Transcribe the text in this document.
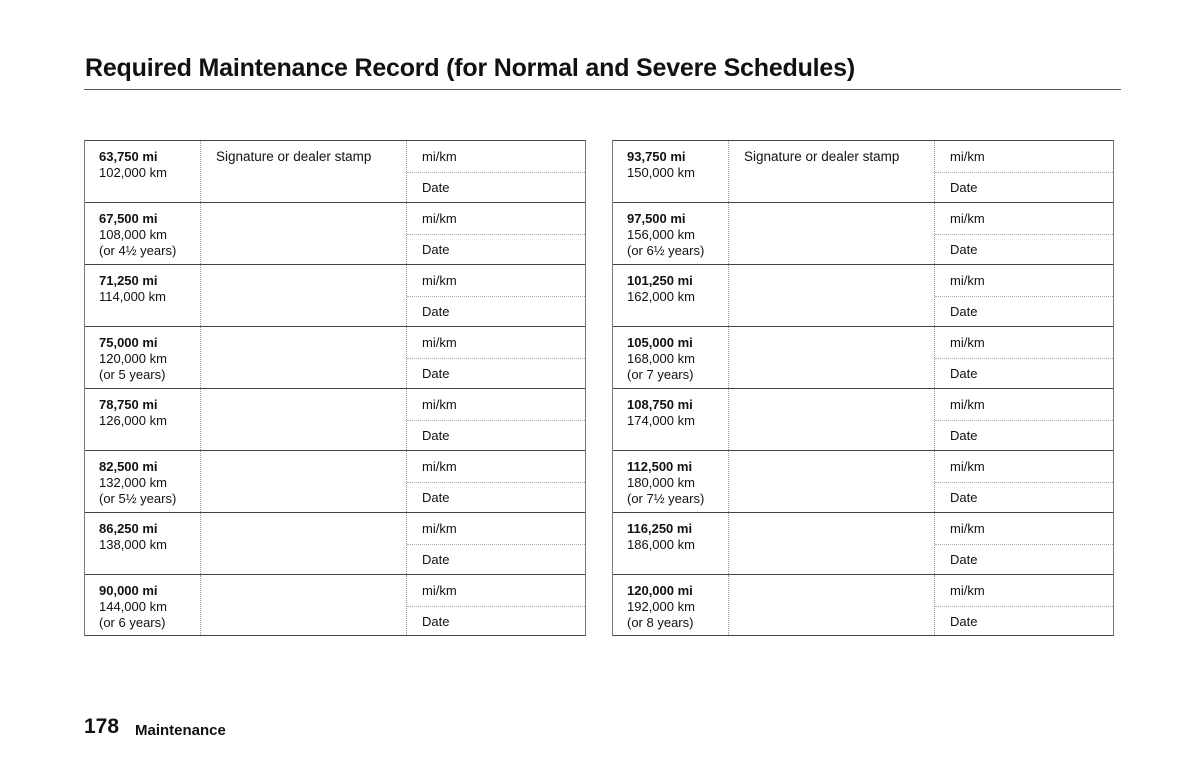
Required Maintenance Record (for Normal and Severe Schedules)
63,750 mi
102,000 km
Signature or dealer stamp	mi/km
Date
67,500 mi
108,000 km
(or 4½ years)
mi/km
Date
71,250 mi
114,000 km
mi/km
Date
75,000 mi
120,000 km
(or 5 years)
mi/km
Date
78,750 mi
126,000 km
mi/km
Date
82,500 mi
132,000 km
(or 5½ years)
mi/km
Date
86,250 mi
138,000 km
mi/km
Date
90,000 mi
144,000 km
(or 6 years)
mi/km
Date
93,750 mi
150,000 km
Signature or dealer stamp	mi/km
Date
97,500 mi
156,000 km
(or 6½ years)
mi/km
Date
101,250 mi
162,000 km
mi/km
Date
105,000 mi
168,000 km
(or 7 years)
mi/km
Date
108,750 mi
174,000 km
mi/km
Date
112,500 mi
180,000 km
(or 7½ years)
mi/km
Date
116,250 mi
186,000 km
mi/km
Date
120,000 mi
192,000 km
(or 8 years)
mi/km
Date
178 Maintenance
